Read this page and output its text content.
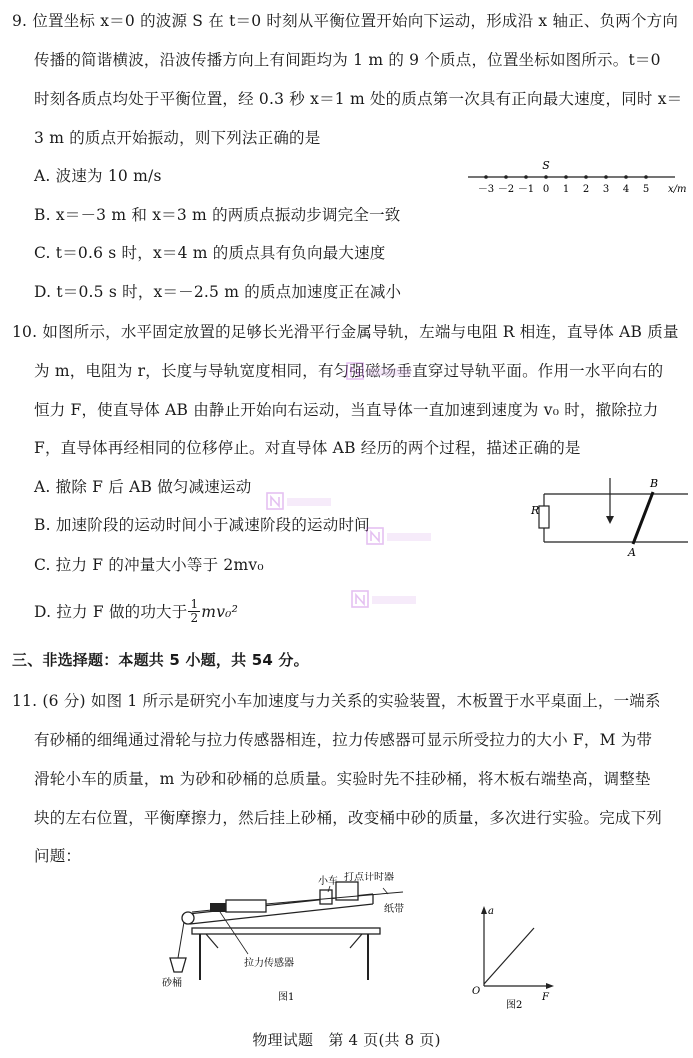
9. 位置坐标 x＝0 的波源 S 在 t＝0 时刻从平衡位置开始向下运动，形成沿 x 轴正、负两个方向
传播的简谐横波，沿波传播方向上有间距均为 1 m 的 9 个质点，位置坐标如图所示。t＝0
时刻各质点均处于平衡位置，经 0.3 秒 x＝1 m 处的质点第一次具有正向最大速度，同时 x＝
3 m 的质点开始振动，则下列法正确的是
A. 波速为 10 m/s
B. x＝－3 m 和 x＝3 m 的两质点振动步调完全一致
C. t＝0.6 s 时，x＝4 m 的质点具有负向最大速度
D. t＝0.5 s 时，x＝－2.5 m 的质点加速度正在减小
S
－3 －2 －1 0 1 2 3 4 5 x/m
10. 如图所示，水平固定放置的足够长光滑平行金属导轨，左端与电阻 R 相连，直导体 AB 质量
为 m，电阻为 r，长度与导轨宽度相同，有匀强磁场垂直穿过导轨平面。作用一水平向右的
恒力 F，使直导体 AB 由静止开始向右运动，当直导体一直加速到速度为 v₀ 时，撤除拉力
F，直导体再经相同的位移停止。对直导体 AB 经历的两个过程，描述正确的是
A. 撤除 F 后 AB 做匀减速运动
B. 加速阶段的运动时间小于减速阶段的运动时间
C. 拉力 F 的冲量大小等于 2mv₀
D. 拉力 F 做的功大于 $\frac{1}{2} mv_0^2$
R
B
A
三、非选择题：本题共 5 小题，共 54 分。
11. (6 分) 如图 1 所示是研究小车加速度与力关系的实验装置，木板置于水平桌面上，一端系
有砂桶的细绳通过滑轮与拉力传感器相连，拉力传感器可显示所受拉力的大小 F，M 为带
滑轮小车的质量，m 为砂和砂桶的总质量。实验时先不挂砂桶，将木板右端垫高，调整垫
块的左右位置，平衡摩擦力，然后挂上砂桶，改变桶中砂的质量，多次进行实验。完成下列
问题：
小车 打点计时器
纸带
拉力传感器
砂桶
图1
a
O
F
图2
物理试题　第 4 页(共 8 页)
